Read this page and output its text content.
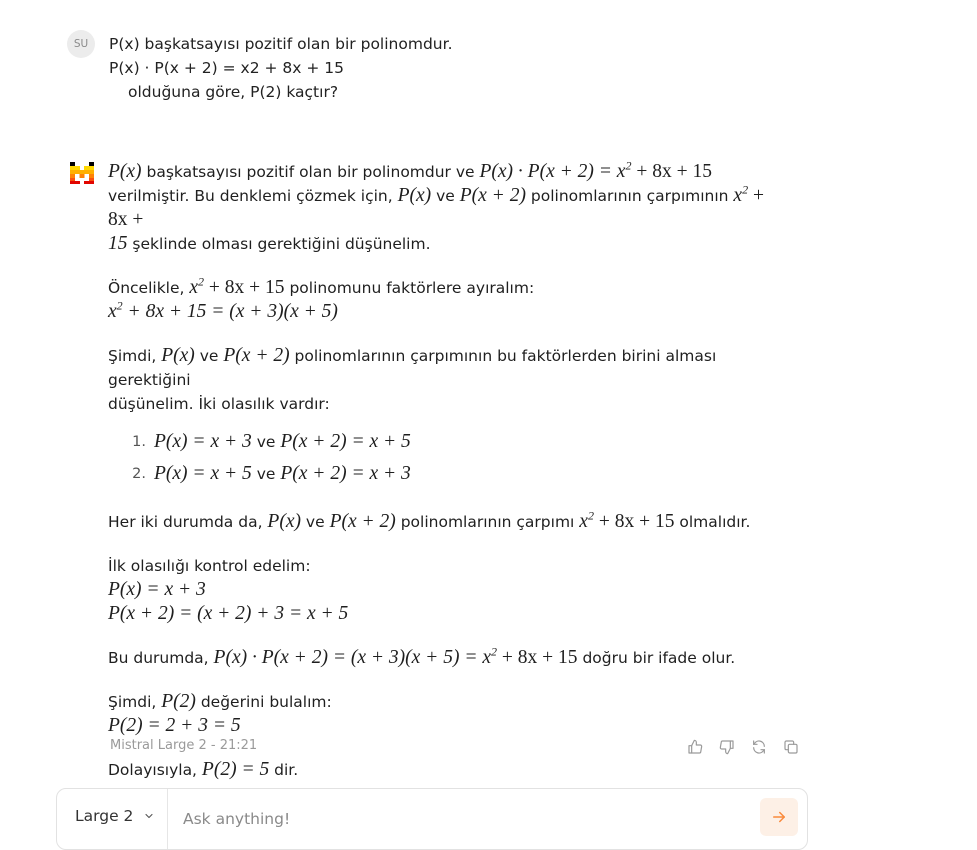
SU	P(x) başkatsayısı pozitif olan bir polinomdur.
P(x) · P(x + 2) = x2 + 8x + 15
olduğuna göre, P(2) kaçtır?
P(x) başkatsayısı pozitif olan bir polinomdur ve $P(x) \cdot P(x + 2) = x^2 + 8x + 15$
verilmiştir. Bu denklemi çözmek için, P(x) ve P(x + 2) polinomlarının çarpımının $x^2 + 8x$ +
15 şeklinde olması gerektiğini düşünelim.
Öncelikle, $x^2 + 8x + 15$ polinomunu faktörlere ayıralım:
$x^2 + 8x + 15 = (x + 3)(x + 5)$
Şimdi, P(x) ve P(x + 2) polinomlarının çarpımının bu faktörlerden birini alması gerektiğini
düşünelim. İki olasılık vardır:
1. P(x) = x + 3 ve P(x + 2) = x + 5
2. P(x) = x + 5 ve P(x + 2) = x + 3
Her iki durumda da, P(x) ve P(x + 2) polinomlarının çarpımı $x^2 + 8x + 15$ olmalıdır.
İlk olasılığı kontrol edelim:
P(x) = x + 3
P(x + 2) = (x + 2) + 3 = x + 5
Bu durumda, $P(x) \cdot P(x + 2) = (x + 3)(x + 5) = x^2 + 8x + 15$ doğru bir ifade olur.
Şimdi, P(2) değerini bulalım:
P(2) = 2 + 3 = 5
Dolayısıyla, P(2) = 5 dir.
Mistral Large 2 - 21:21
Large 2
Ask anything!
